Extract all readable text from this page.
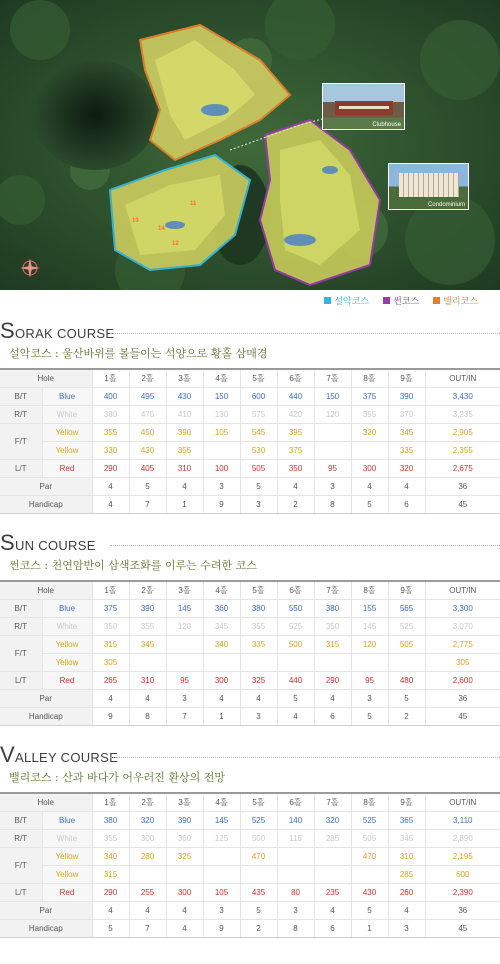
14
11
12
13
Clubhouse
Condominium
설악코스	썬코스	밸리코스
SORAK COURSE
설악코스 : 울산바위를 볼들이는 석양으로 황홀 삼매경
Hole		1홀	2홀	3홀	4홀	5홀	6홀	7홀	8홀	9홀	OUT/IN
B/T	Blue	400	495	430	150	600	440	150	375	390	3,430
R/T	White	380	475	410	130	575	420	120	355	370	3,235
F/T	Yellow	355	450	390	105	545	395		320	345	2,905
	Yellow	330	430	355		530	375			335	2,355
L/T	Red	290	405	310	100	505	350	95	300	320	2,675
Par		4	5	4	3	5	4	3	4	4	36
Handicap		4	7	1	9	3	2	8	5	6	45
SUN COURSE
썬코스 : 천연암반이 삼색조화를 이루는 수려한 코스
Hole		1홀	2홀	3홀	4홀	5홀	6홀	7홀	8홀	9홀	OUT/IN
B/T	Blue	375	390	145	360	380	550	380	155	565	3,300
R/T	White	350	355	120	345	355	525	350	145	525	3,070
F/T	Yellow	315	345		340	335	500	315	120	505	2,775
	Yellow	305									305
L/T	Red	265	310	95	300	325	440	290	95	480	2,600
Par		4	4	3	4	4	5	4	3	5	36
Handicap		9	8	7	1	3	4	6	5	2	45
VALLEY COURSE
밸리코스 : 산과 바다가 어우러진 환상의 전망
Hole		1홀	2홀	3홀	4홀	5홀	6홀	7홀	8홀	9홀	OUT/IN
B/T	Blue	380	320	390	145	525	140	320	525	365	3,110
R/T	White	355	300	360	125	500	115	285	505	345	2,890
F/T	Yellow	340	280	325		470			470	310	2,195
	Yellow	315								285	600
L/T	Red	290	255	300	105	435	80	235	430	260	2,390
Par		4	4	4	3	5	3	4	5	4	36
Handicap		5	7	4	9	2	8	6	1	3	45
